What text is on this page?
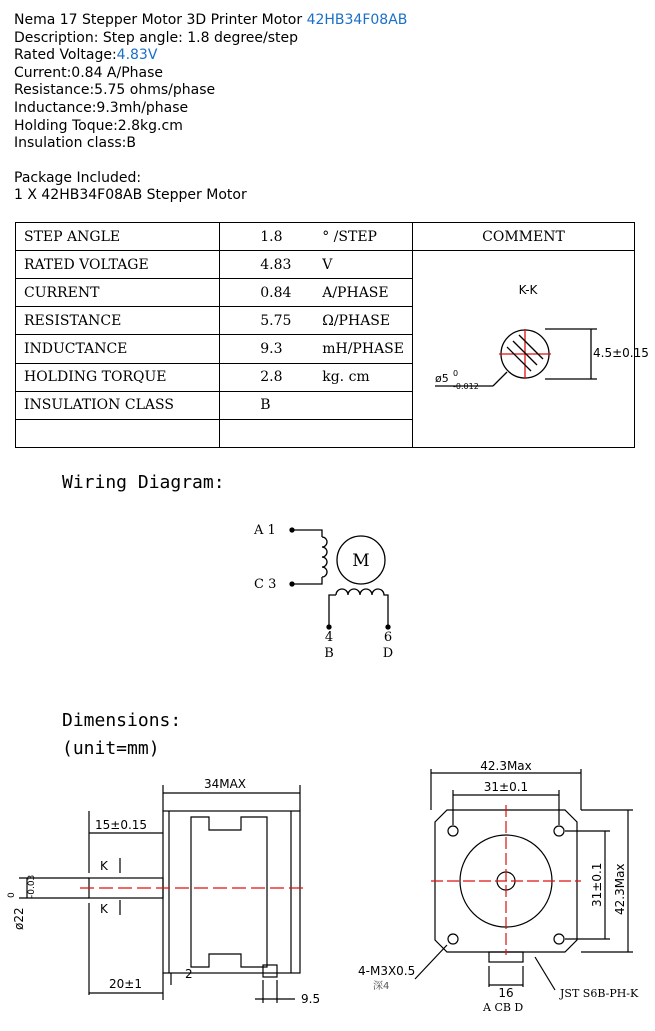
Nema 17 Stepper Motor 3D Printer Motor 42HB34F08AB
Description: Step angle: 1.8 degree/step
Rated Voltage:4.83V
Current:0.84 A/Phase
Resistance:5.75 ohms/phase
Inductance:9.3mh/phase
Holding Toque:2.8kg.cm
Insulation class:B
Package Included:
1 X 42HB34F08AB Stepper Motor
STEP ANGLE	1.8 ° /STEP	COMMENT
RATED VOLTAGE	4.83 V	K-K
4.5±0.15
ø5 0
-0.012

CURRENT	0.84 A/PHASE	
RESISTANCE	5.75 Ω/PHASE	
INDUCTANCE	9.3 mH/PHASE	
HOLDING TORQUE	2.8 kg. cm	
INSULATION CLASS	B	

Wiring Diagram:
A 1
C 3
4	6
B	D
M
Dimensions:
(unit=mm)
34MAX
15±0.15
K
K
20±1
2
9.5
ø22
0 -0.03
42.3Max
31±0.1
31±0.1 42.3Max
4-M3X0.5
深4	16
A CB D
JST S6B-PH-K
